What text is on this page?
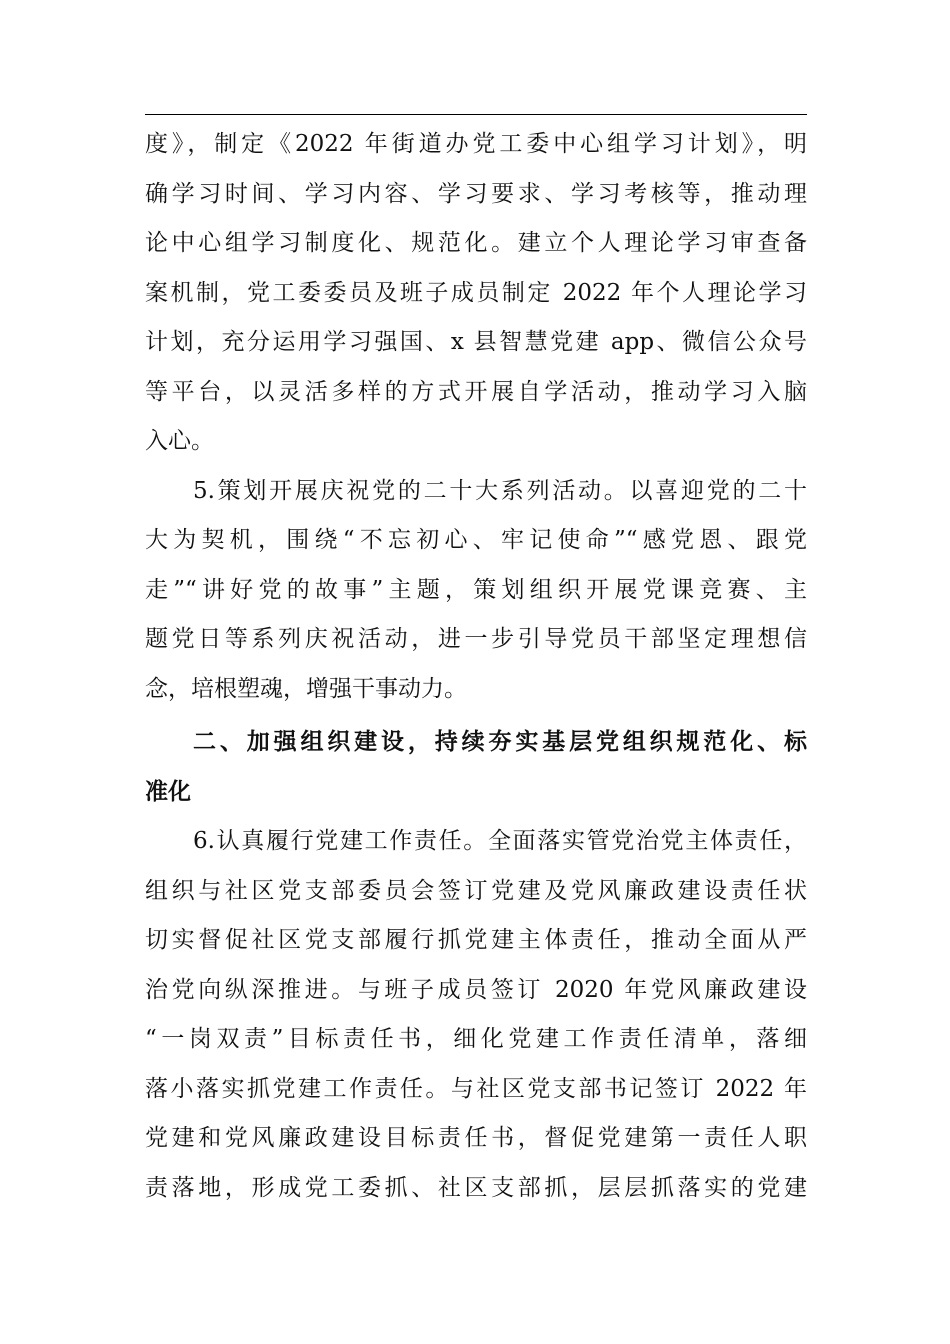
度》，制定《2022 年街道办党工委中心组学习计划》，明
确学习时间、学习内容、学习要求、学习考核等，推动理
论中心组学习制度化、规范化。建立个人理论学习审查备
案机制，党工委委员及班子成员制定 2022 年个人理论学习
计划，充分运用学习强国、x 县智慧党建 app、微信公众号
等平台，以灵活多样的方式开展自学活动，推动学习入脑
入心。
5.策划开展庆祝党的二十大系列活动。以喜迎党的二十
大为契机，围绕“不忘初心、牢记使命”“感党恩、跟党
走”“讲好党的故事”主题，策划组织开展党课竞赛、主
题党日等系列庆祝活动，进一步引导党员干部坚定理想信
念，培根塑魂，增强干事动力。
二、加强组织建设，持续夯实基层党组织规范化、标
准化
6.认真履行党建工作责任。全面落实管党治党主体责任，
组织与社区党支部委员会签订党建及党风廉政建设责任状
切实督促社区党支部履行抓党建主体责任，推动全面从严
治党向纵深推进。与班子成员签订 2020 年党风廉政建设
“一岗双责”目标责任书，细化党建工作责任清单，落细
落小落实抓党建工作责任。与社区党支部书记签订 2022 年
党建和党风廉政建设目标责任书，督促党建第一责任人职
责落地，形成党工委抓、社区支部抓，层层抓落实的党建
